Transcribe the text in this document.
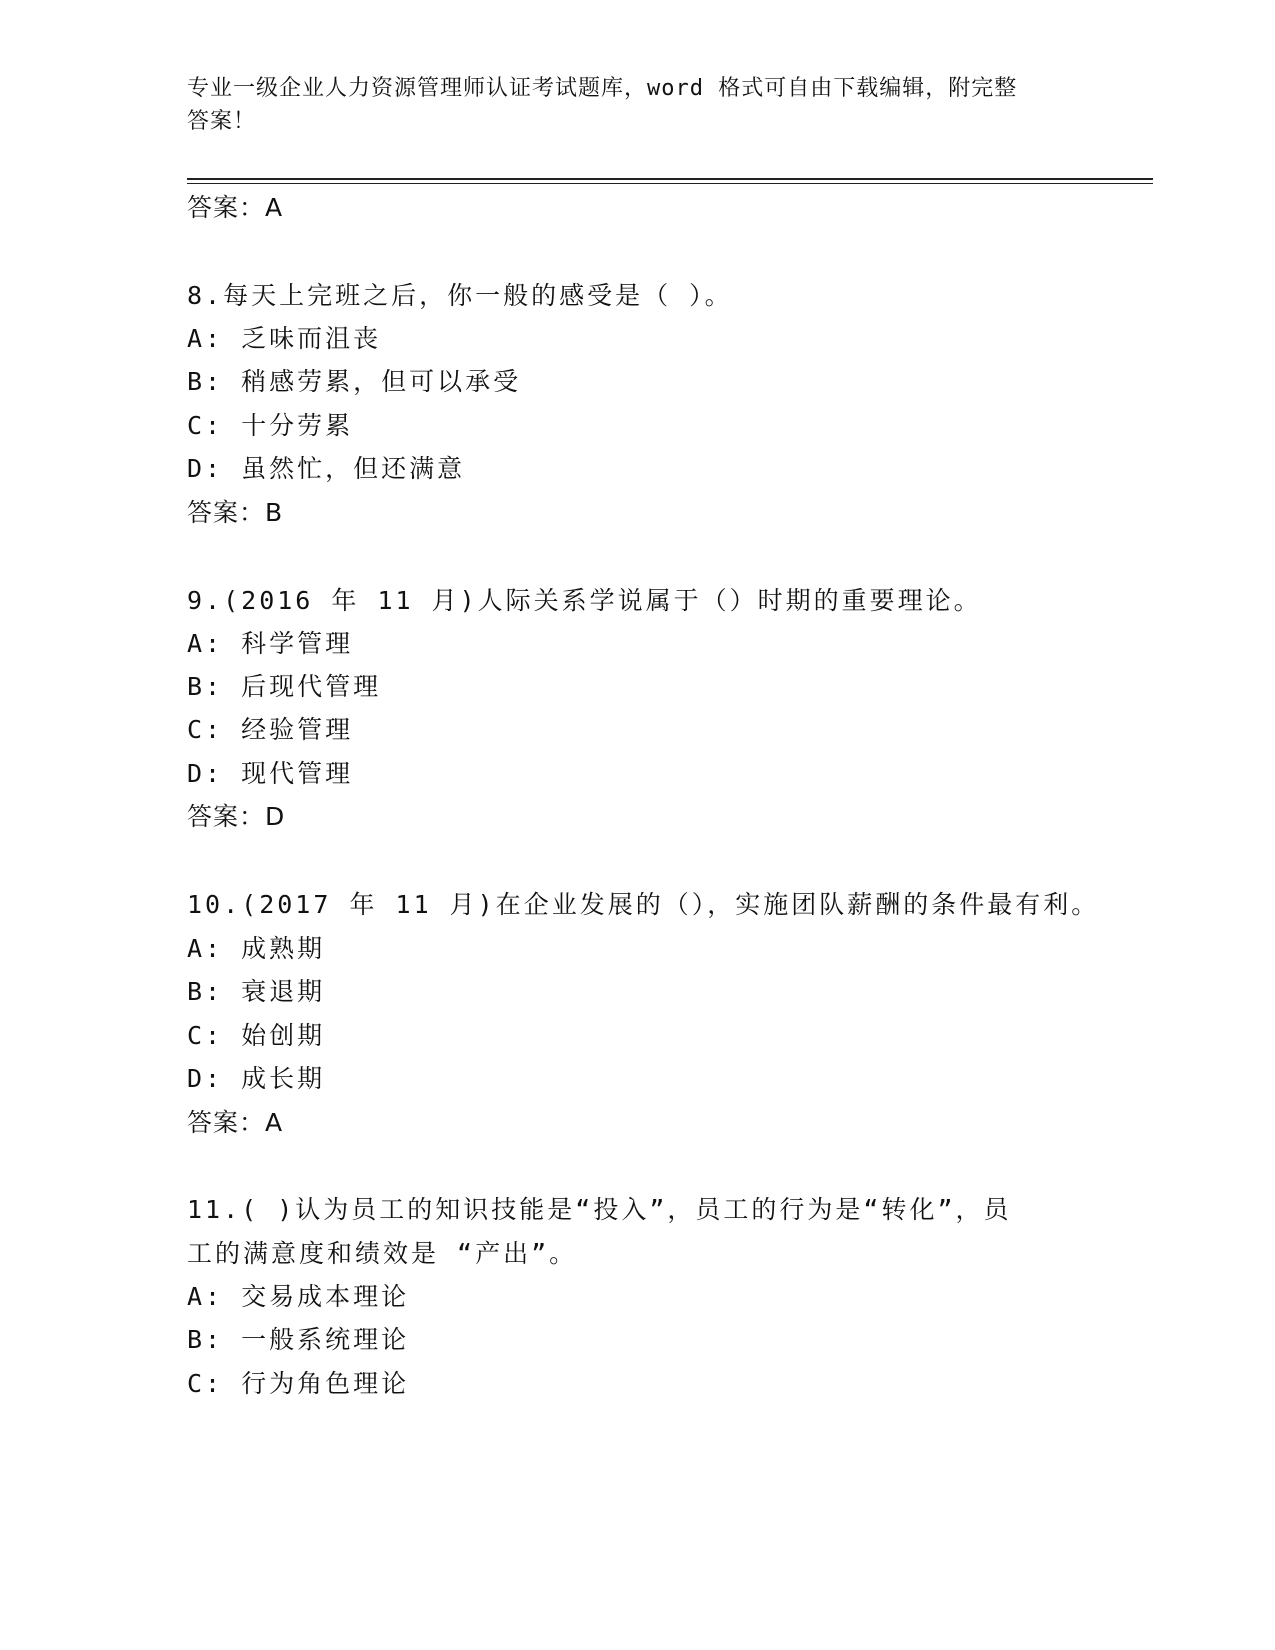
专业一级企业人力资源管理师认证考试题库，word 格式可自由下载编辑，附完整
答案！
答案：A
8.每天上完班之后，你一般的感受是（ ）。
A: 乏味而沮丧
B: 稍感劳累，但可以承受
C: 十分劳累
D: 虽然忙，但还满意
答案：B
9.(2016 年 11 月)人际关系学说属于（）时期的重要理论。
A: 科学管理
B: 后现代管理
C: 经验管理
D: 现代管理
答案：D
10.(2017 年 11 月)在企业发展的（），实施团队薪酬的条件最有利。
A: 成熟期
B: 衰退期
C: 始创期
D: 成长期
答案：A
11.( )认为员工的知识技能是“投入”，员工的行为是“转化”，员
工的满意度和绩效是 “产出”。
A: 交易成本理论
B: 一般系统理论
C: 行为角色理论
